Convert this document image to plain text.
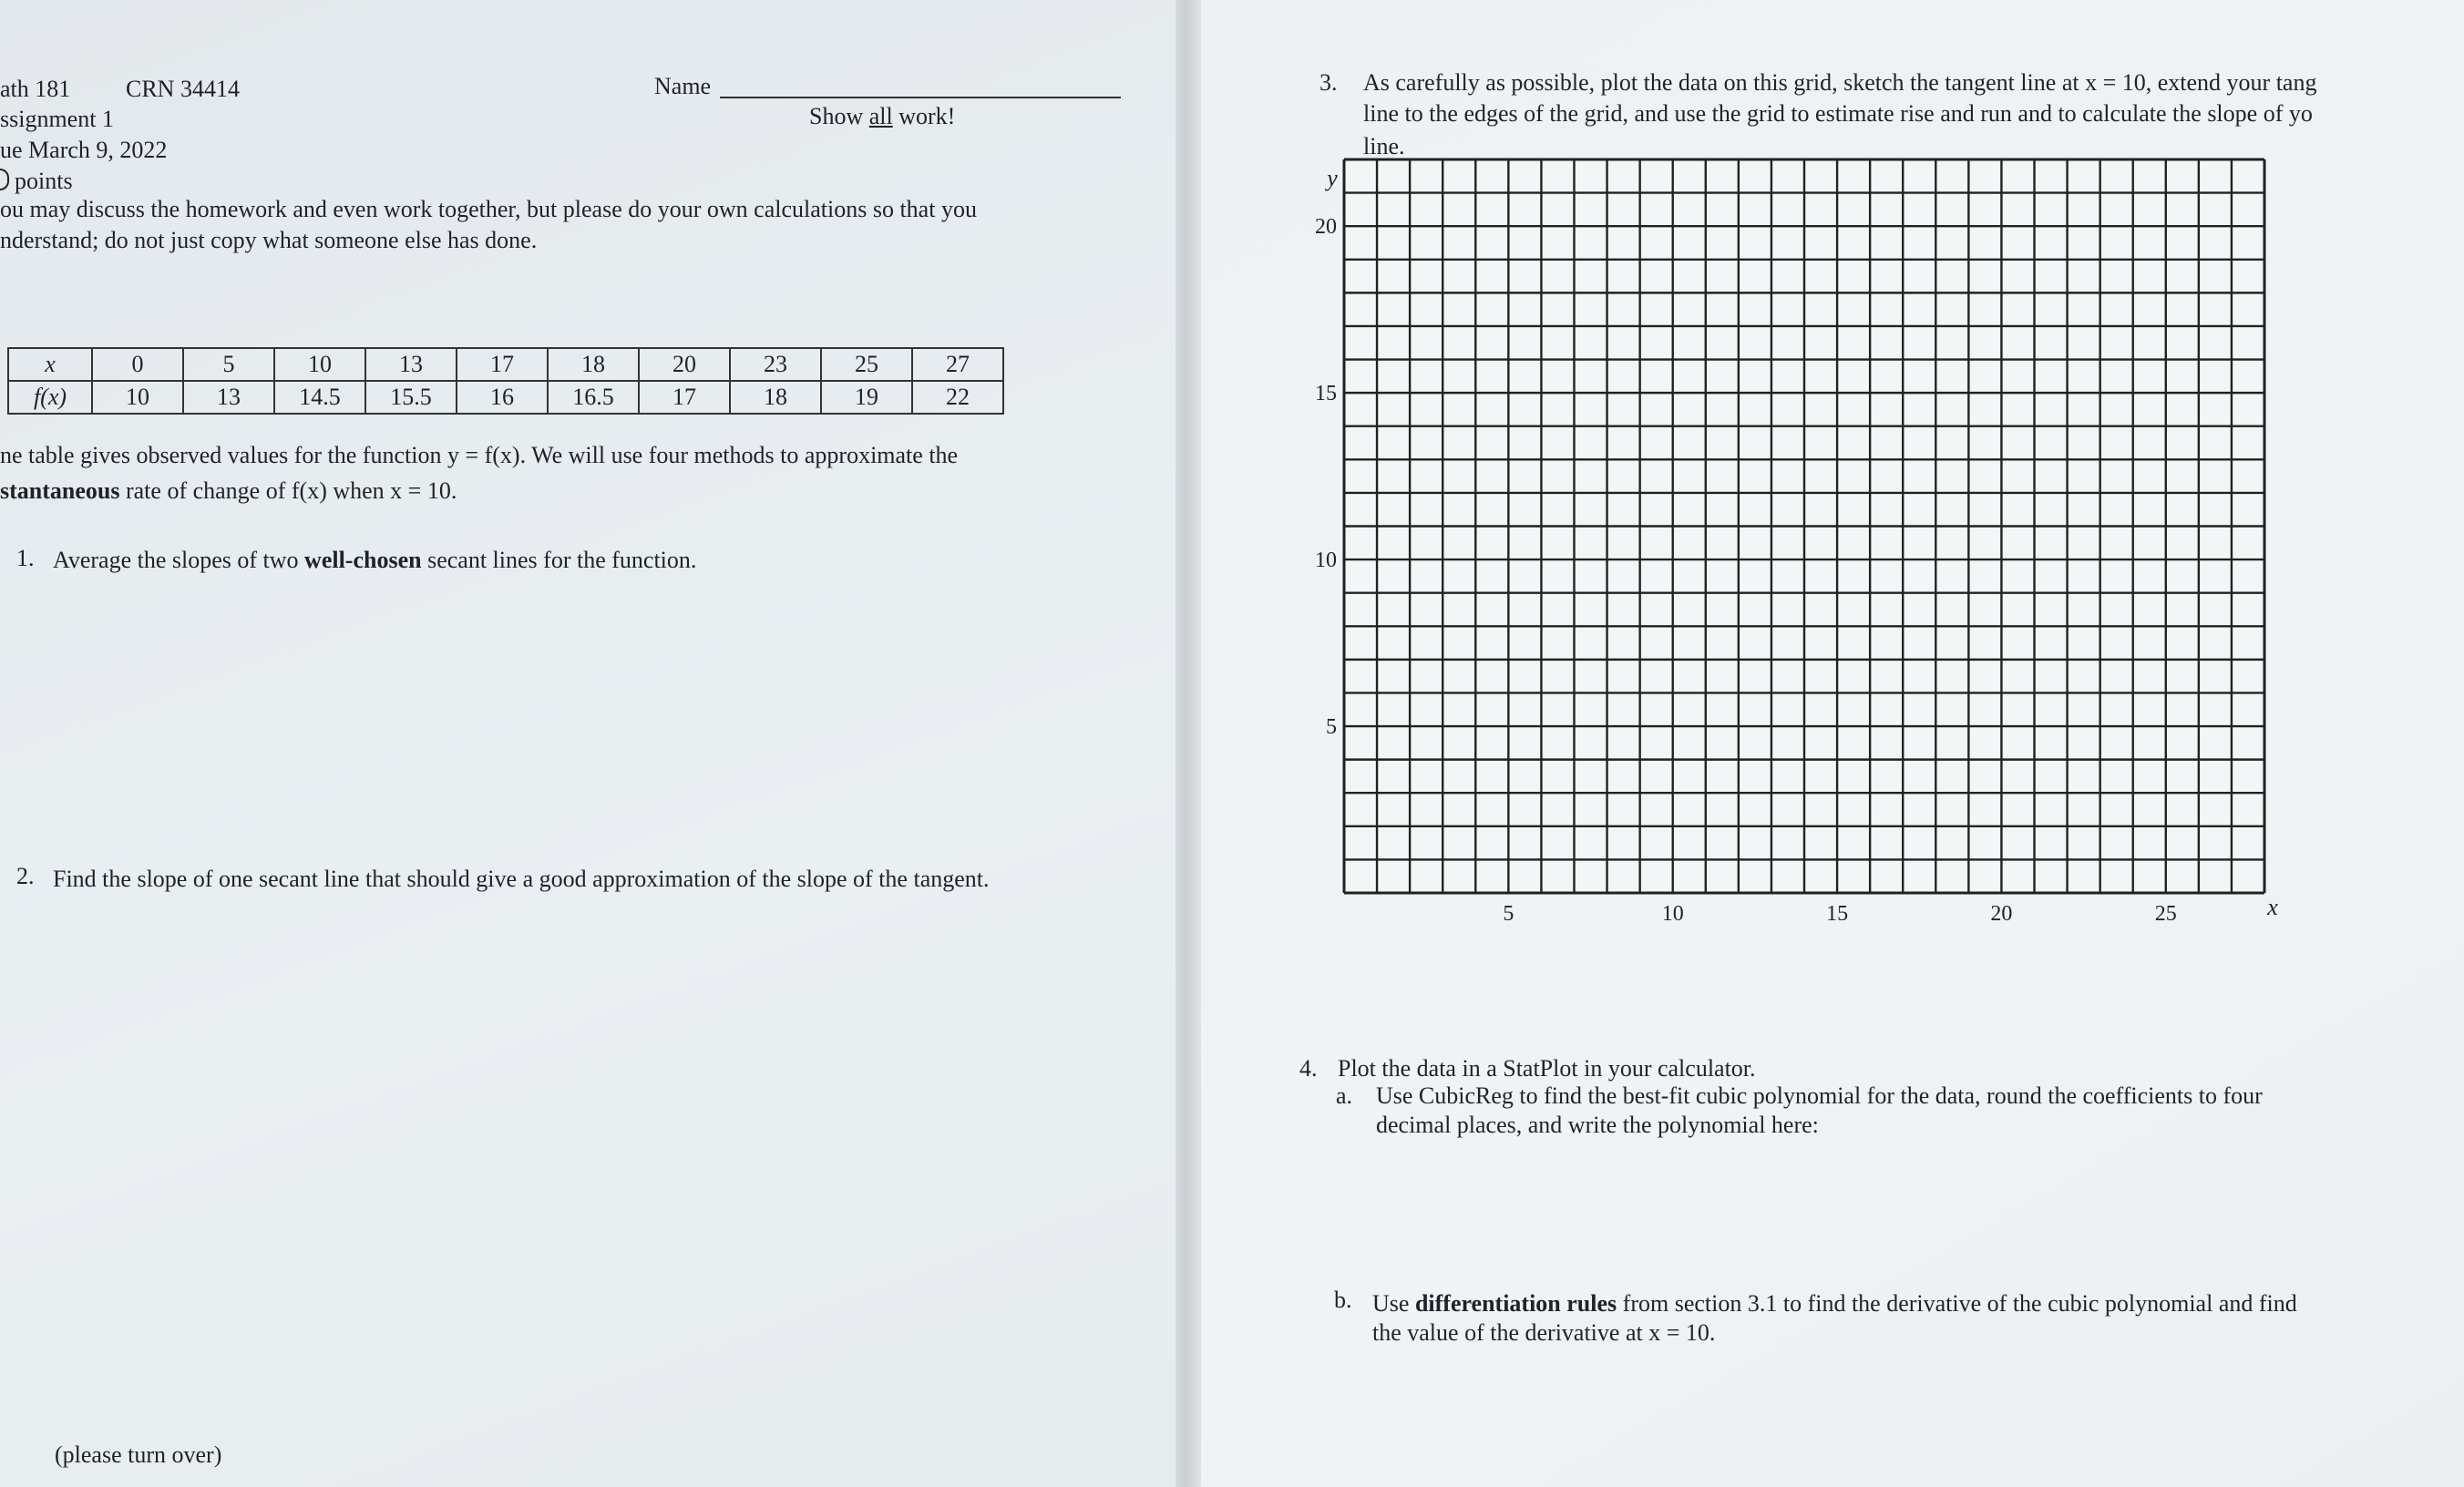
ath 181 CRN 34414	Name
ssignment 1	Show all work!
ue March 9, 2022
points
ou may discuss the homework and even work together, but please do your own calculations so that you
nderstand; do not just copy what someone else has done.
x	0	5	10	13	17	18	20	23	25	27
f(x)	10	13	14.5	15.5	16	16.5	17	18	19	22
ne table gives observed values for the function y = f(x). We will use four methods to approximate the
stantaneous rate of change of f(x) when x = 10.
1. Average the slopes of two well-chosen secant lines for the function.
2. Find the slope of one secant line that should give a good approximation of the slope of the tangent.
(please turn over)
3. As carefully as possible, plot the data on this grid, sketch the tangent line at x = 10, extend your tang
line to the edges of the grid, and use the grid to estimate rise and run and to calculate the slope of yo
line.
4. Plot the data in a StatPlot in your calculator.
a. Use CubicReg to find the best-fit cubic polynomial for the data, round the coefficients to four
decimal places, and write the polynomial here:
b. Use differentiation rules from section 3.1 to find the derivative of the cubic polynomial and find
the value of the derivative at x = 10.
5	10	15	20	25
5
10
15
20
y
x
